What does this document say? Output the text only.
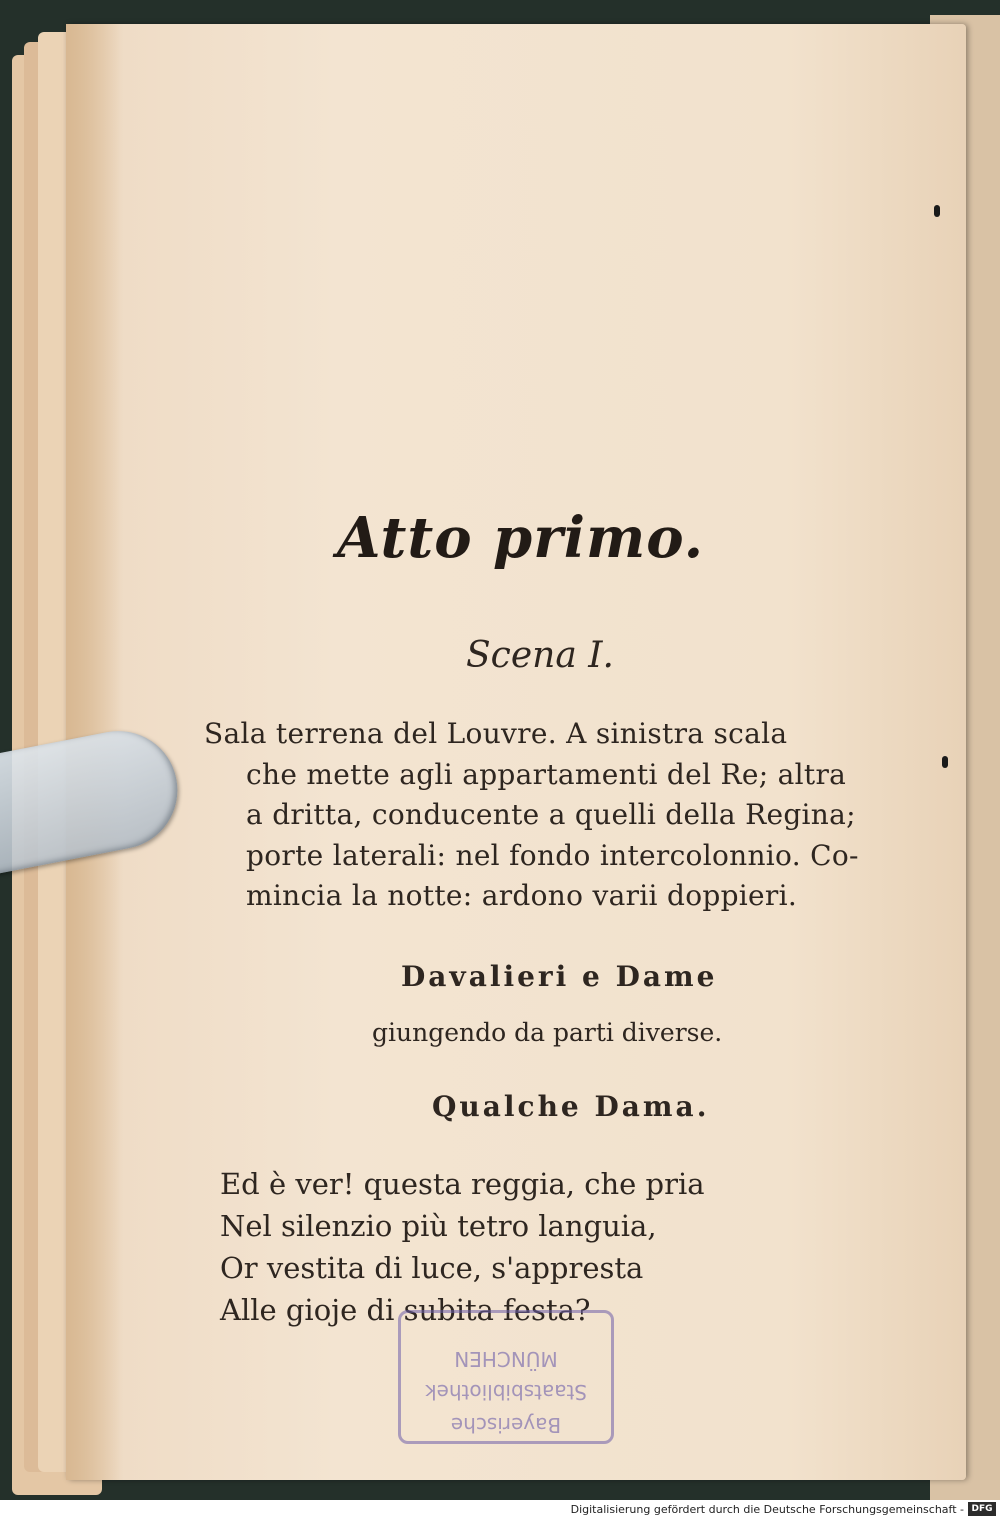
Atto primo.
Scena I.
Sala terrena del Louvre. A sinistra scala
che mette agli appartamenti del Re; altra
a dritta, conducente a quelli della Regina;
porte laterali: nel fondo intercolonnio. Co-
mincia la notte: ardono varii doppieri.
Davalieri e Dame
giungendo da parti diverse.
Qualche Dama.
Ed è ver! questa reggia, che pria
Nel silenzio più tetro languia,
Or vestita di luce, s'appresta
Alle gioje di subita festa?
Bayerische
Staatsbibliothek
MÜNCHEN
Digitalisierung gefördert durch die Deutsche Forschungsgemeinschaft - DFG
